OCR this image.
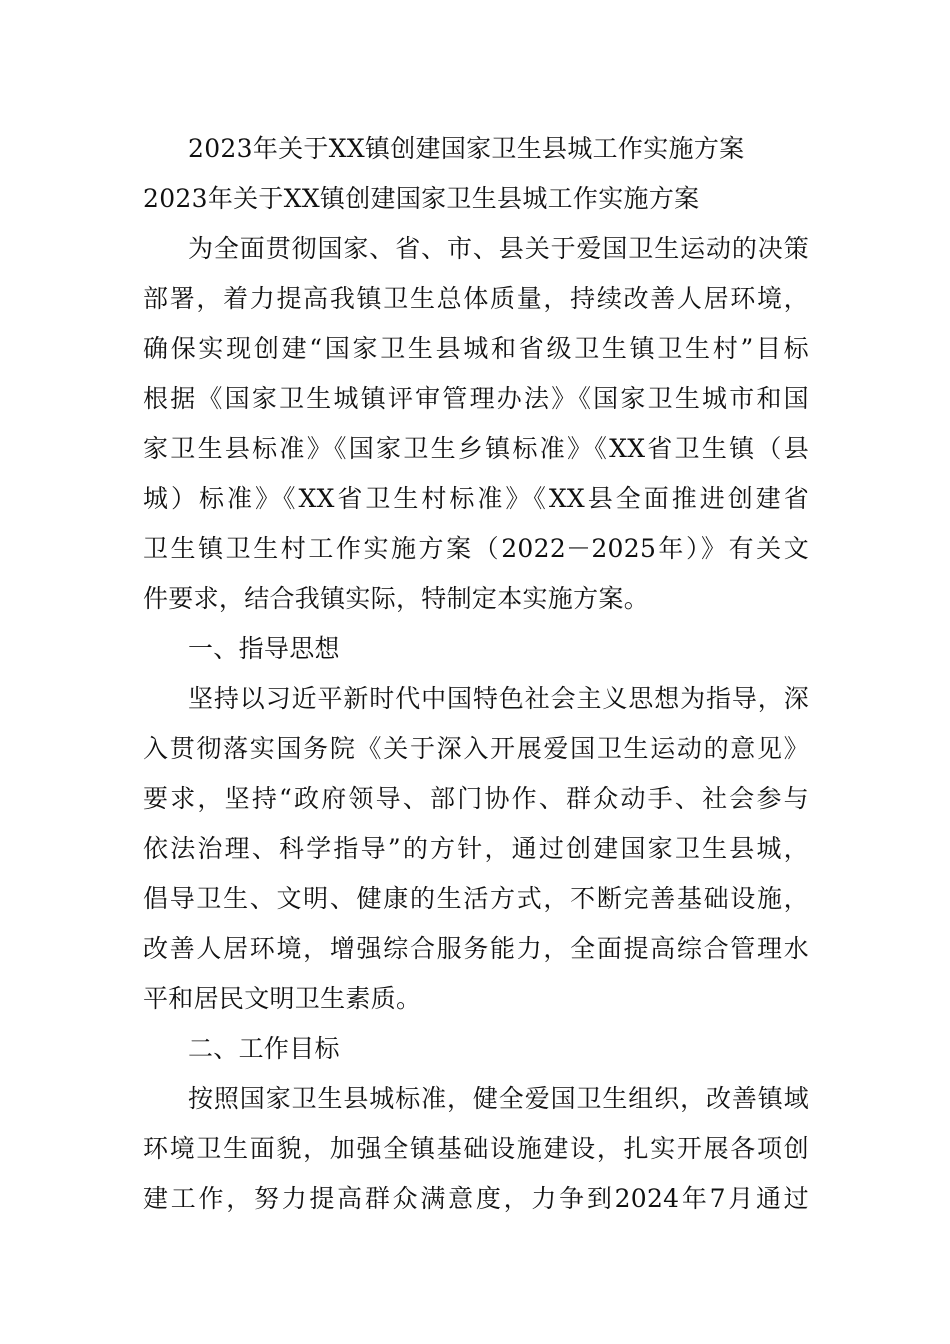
2023年关于XX镇创建国家卫生县城工作实施方案
2023年关于XX镇创建国家卫生县城工作实施方案
为全面贯彻国家、省、市、县关于爱国卫生运动的决策
部署，着力提高我镇卫生总体质量，持续改善人居环境，
确保实现创建“国家卫生县城和省级卫生镇卫生村”目标
根据《国家卫生城镇评审管理办法》《国家卫生城市和国
家卫生县标准》《国家卫生乡镇标准》《XX省卫生镇（县
城）标准》《XX省卫生村标准》《XX县全面推进创建省
卫生镇卫生村工作实施方案（2022－2025年）》有关文
件要求，结合我镇实际，特制定本实施方案。
一、指导思想
坚持以习近平新时代中国特色社会主义思想为指导，深
入贯彻落实国务院《关于深入开展爱国卫生运动的意见》
要求，坚持“政府领导、部门协作、群众动手、社会参与
依法治理、科学指导”的方针，通过创建国家卫生县城，
倡导卫生、文明、健康的生活方式，不断完善基础设施，
改善人居环境，增强综合服务能力，全面提高综合管理水
平和居民文明卫生素质。
二、工作目标
按照国家卫生县城标准，健全爱国卫生组织，改善镇域
环境卫生面貌，加强全镇基础设施建设，扎实开展各项创
建工作，努力提高群众满意度，力争到2024年7月通过
